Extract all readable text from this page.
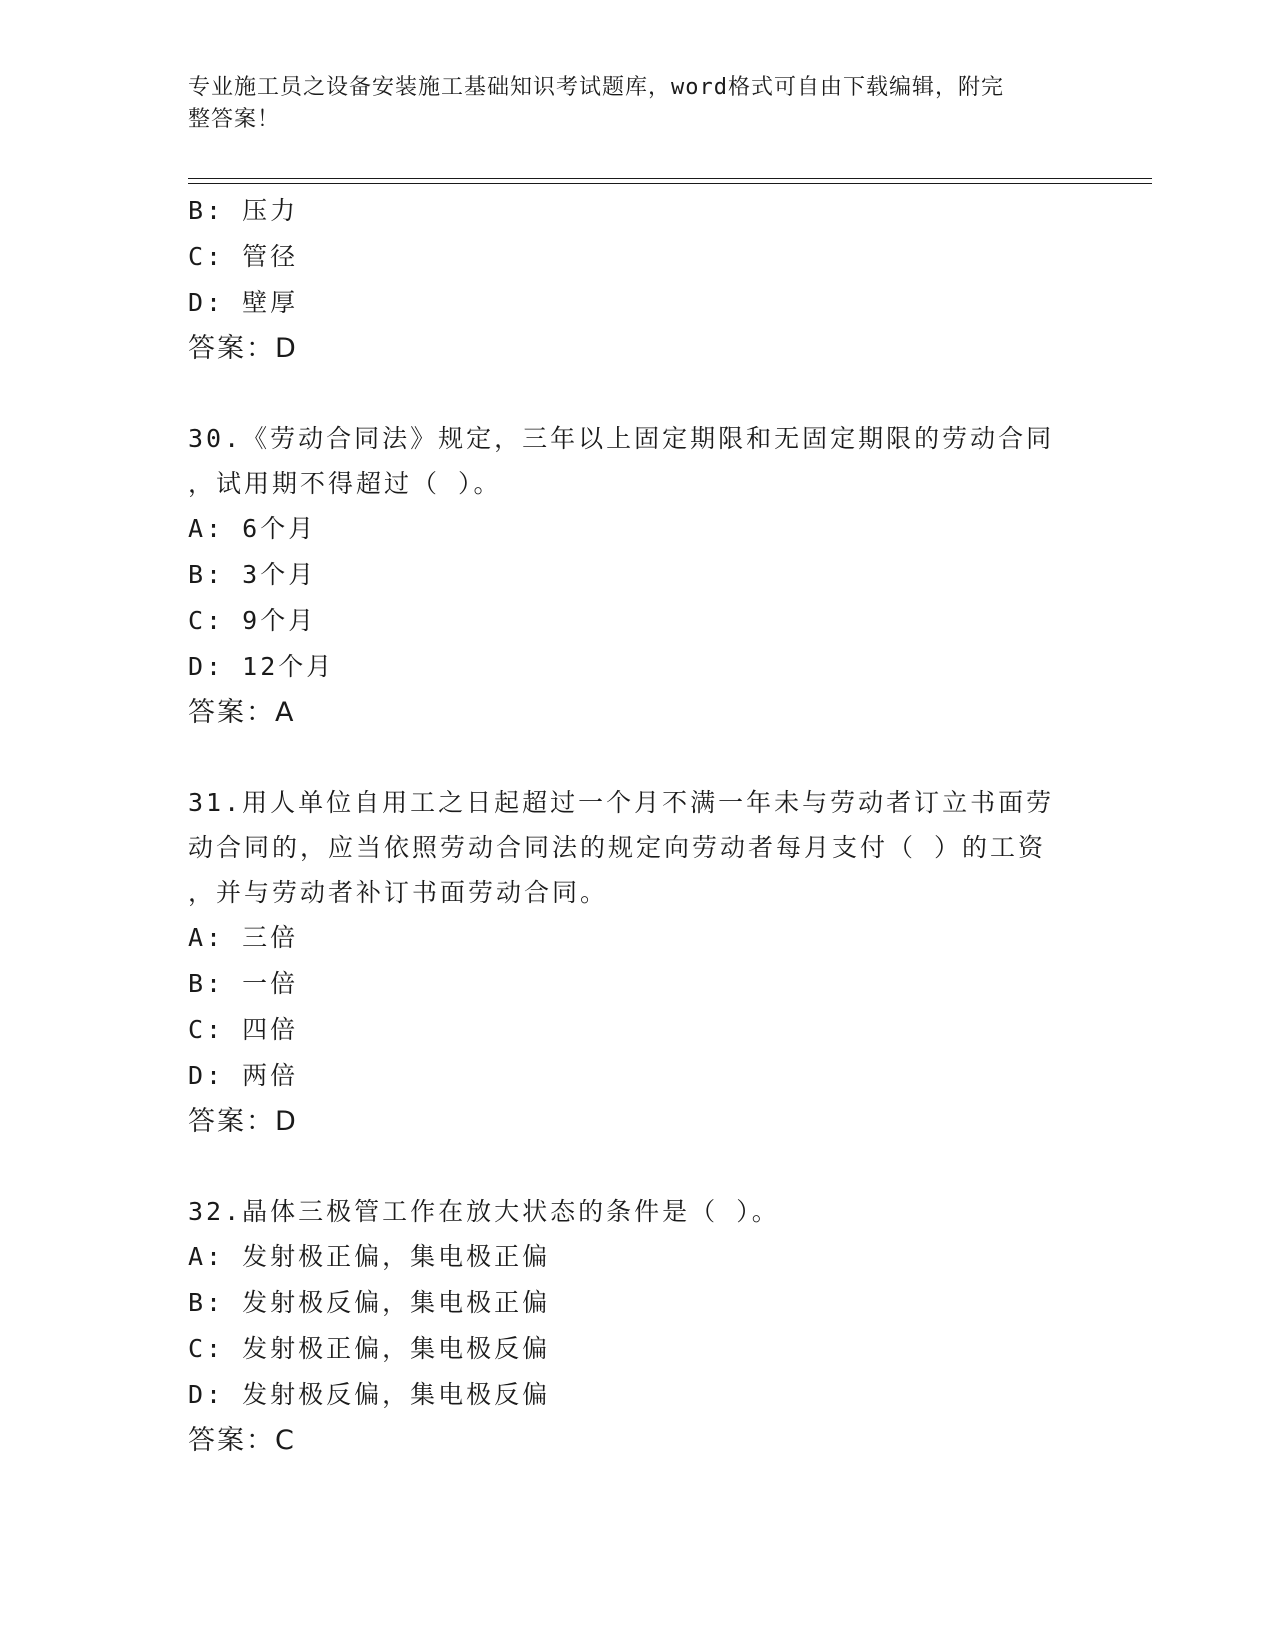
专业施工员之设备安装施工基础知识考试题库，word格式可自由下载编辑，附完
整答案！
B: 压力
C: 管径
D: 壁厚
答案：D
30.《劳动合同法》规定，三年以上固定期限和无固定期限的劳动合同
，试用期不得超过（ ）。
A: 6个月
B: 3个月
C: 9个月
D: 12个月
答案：A
31.用人单位自用工之日起超过一个月不满一年未与劳动者订立书面劳
动合同的，应当依照劳动合同法的规定向劳动者每月支付（ ）的工资
，并与劳动者补订书面劳动合同。
A: 三倍
B: 一倍
C: 四倍
D: 两倍
答案：D
32.晶体三极管工作在放大状态的条件是（ ）。
A: 发射极正偏，集电极正偏
B: 发射极反偏，集电极正偏
C: 发射极正偏，集电极反偏
D: 发射极反偏，集电极反偏
答案：C
